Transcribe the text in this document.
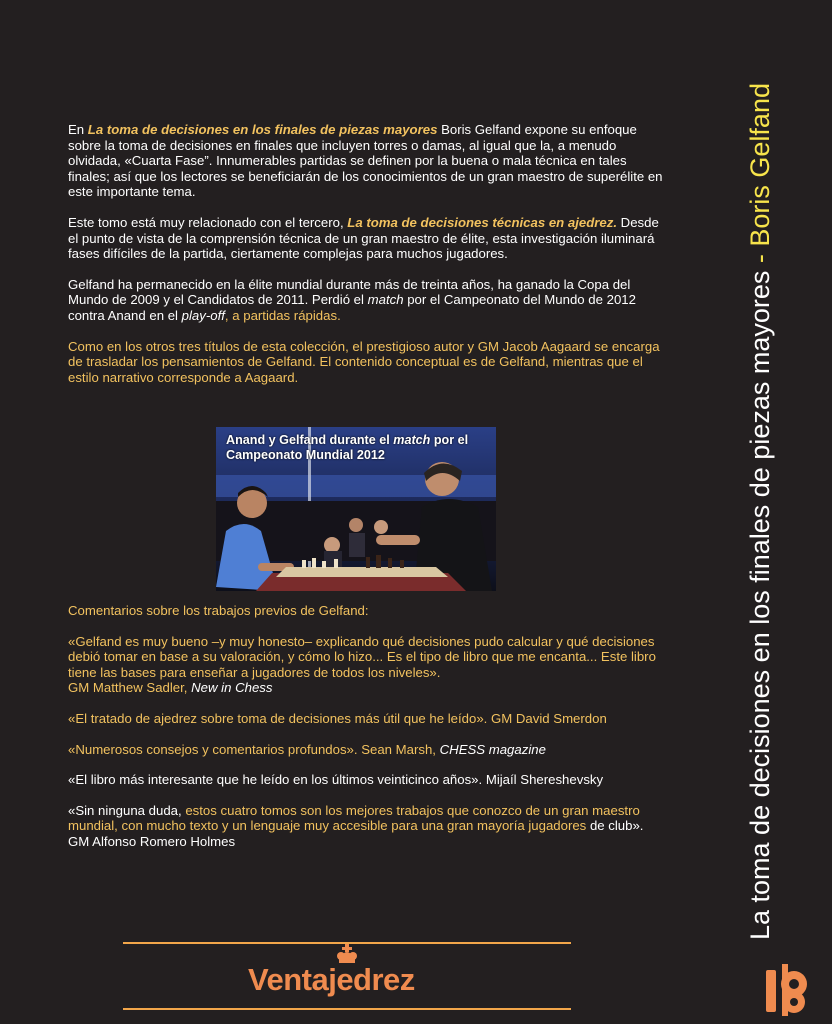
En La toma de decisiones en los finales de piezas mayores Boris Gelfand expone su enfoque sobre la toma de decisiones en finales que incluyen torres o damas, al igual que la, a menudo olvidada, «Cuarta Fase”. Innumerables partidas se definen por la buena o mala técnica en tales finales; así que los lectores se beneficiarán de los conocimientos de un gran maestro de superélite en este importante tema.

Este tomo está muy relacionado con el tercero, La toma de decisiones técnicas en ajedrez. Desde el punto de vista de la comprensión técnica de un gran maestro de élite, esta investigación iluminará fases difíciles de la partida, ciertamente complejas para muchos jugadores.

Gelfand ha permanecido en la élite mundial durante más de treinta años, ha ganado la Copa del Mundo de 2009 y el Candidatos de 2011. Perdió el match por el Campeonato del Mundo de 2012 contra Anand en el play-off, a partidas rápidas.

Como en los otros tres títulos de esta colección, el prestigioso autor y GM Jacob Aagaard se encarga de trasladar los pensamientos de Gelfand. El contenido conceptual es de Gelfand, mientras que el estilo narrativo corresponde a Aagaard.

Anand y Gelfand durante el match por el Campeonato Mundial 2012

Comentarios sobre los trabajos previos de Gelfand:

«Gelfand es muy bueno –y muy honesto– explicando qué decisiones pudo calcular y qué decisiones debió tomar en base a su valoración, y cómo lo hizo... Es el tipo de libro que me encanta... Este libro tiene las bases para enseñar a jugadores de todos los niveles».
GM Matthew Sadler, New in Chess

«El tratado de ajedrez sobre toma de decisiones más útil que he leído». GM David Smerdon

«Numerosos consejos y comentarios profundos». Sean Marsh, CHESS magazine

«El libro más interesante que he leído en los últimos veinticinco años». Mijaíl Shereshevsky

«Sin ninguna duda, estos cuatro tomos son los mejores trabajos que conozco de un gran maestro mundial, con mucho texto y un lenguaje muy accesible para una gran mayoría jugadores de club». GM Alfonso Romero Holmes

Ventajedrez
La toma de decisiones en los finales de piezas mayores - Boris Gelfand
